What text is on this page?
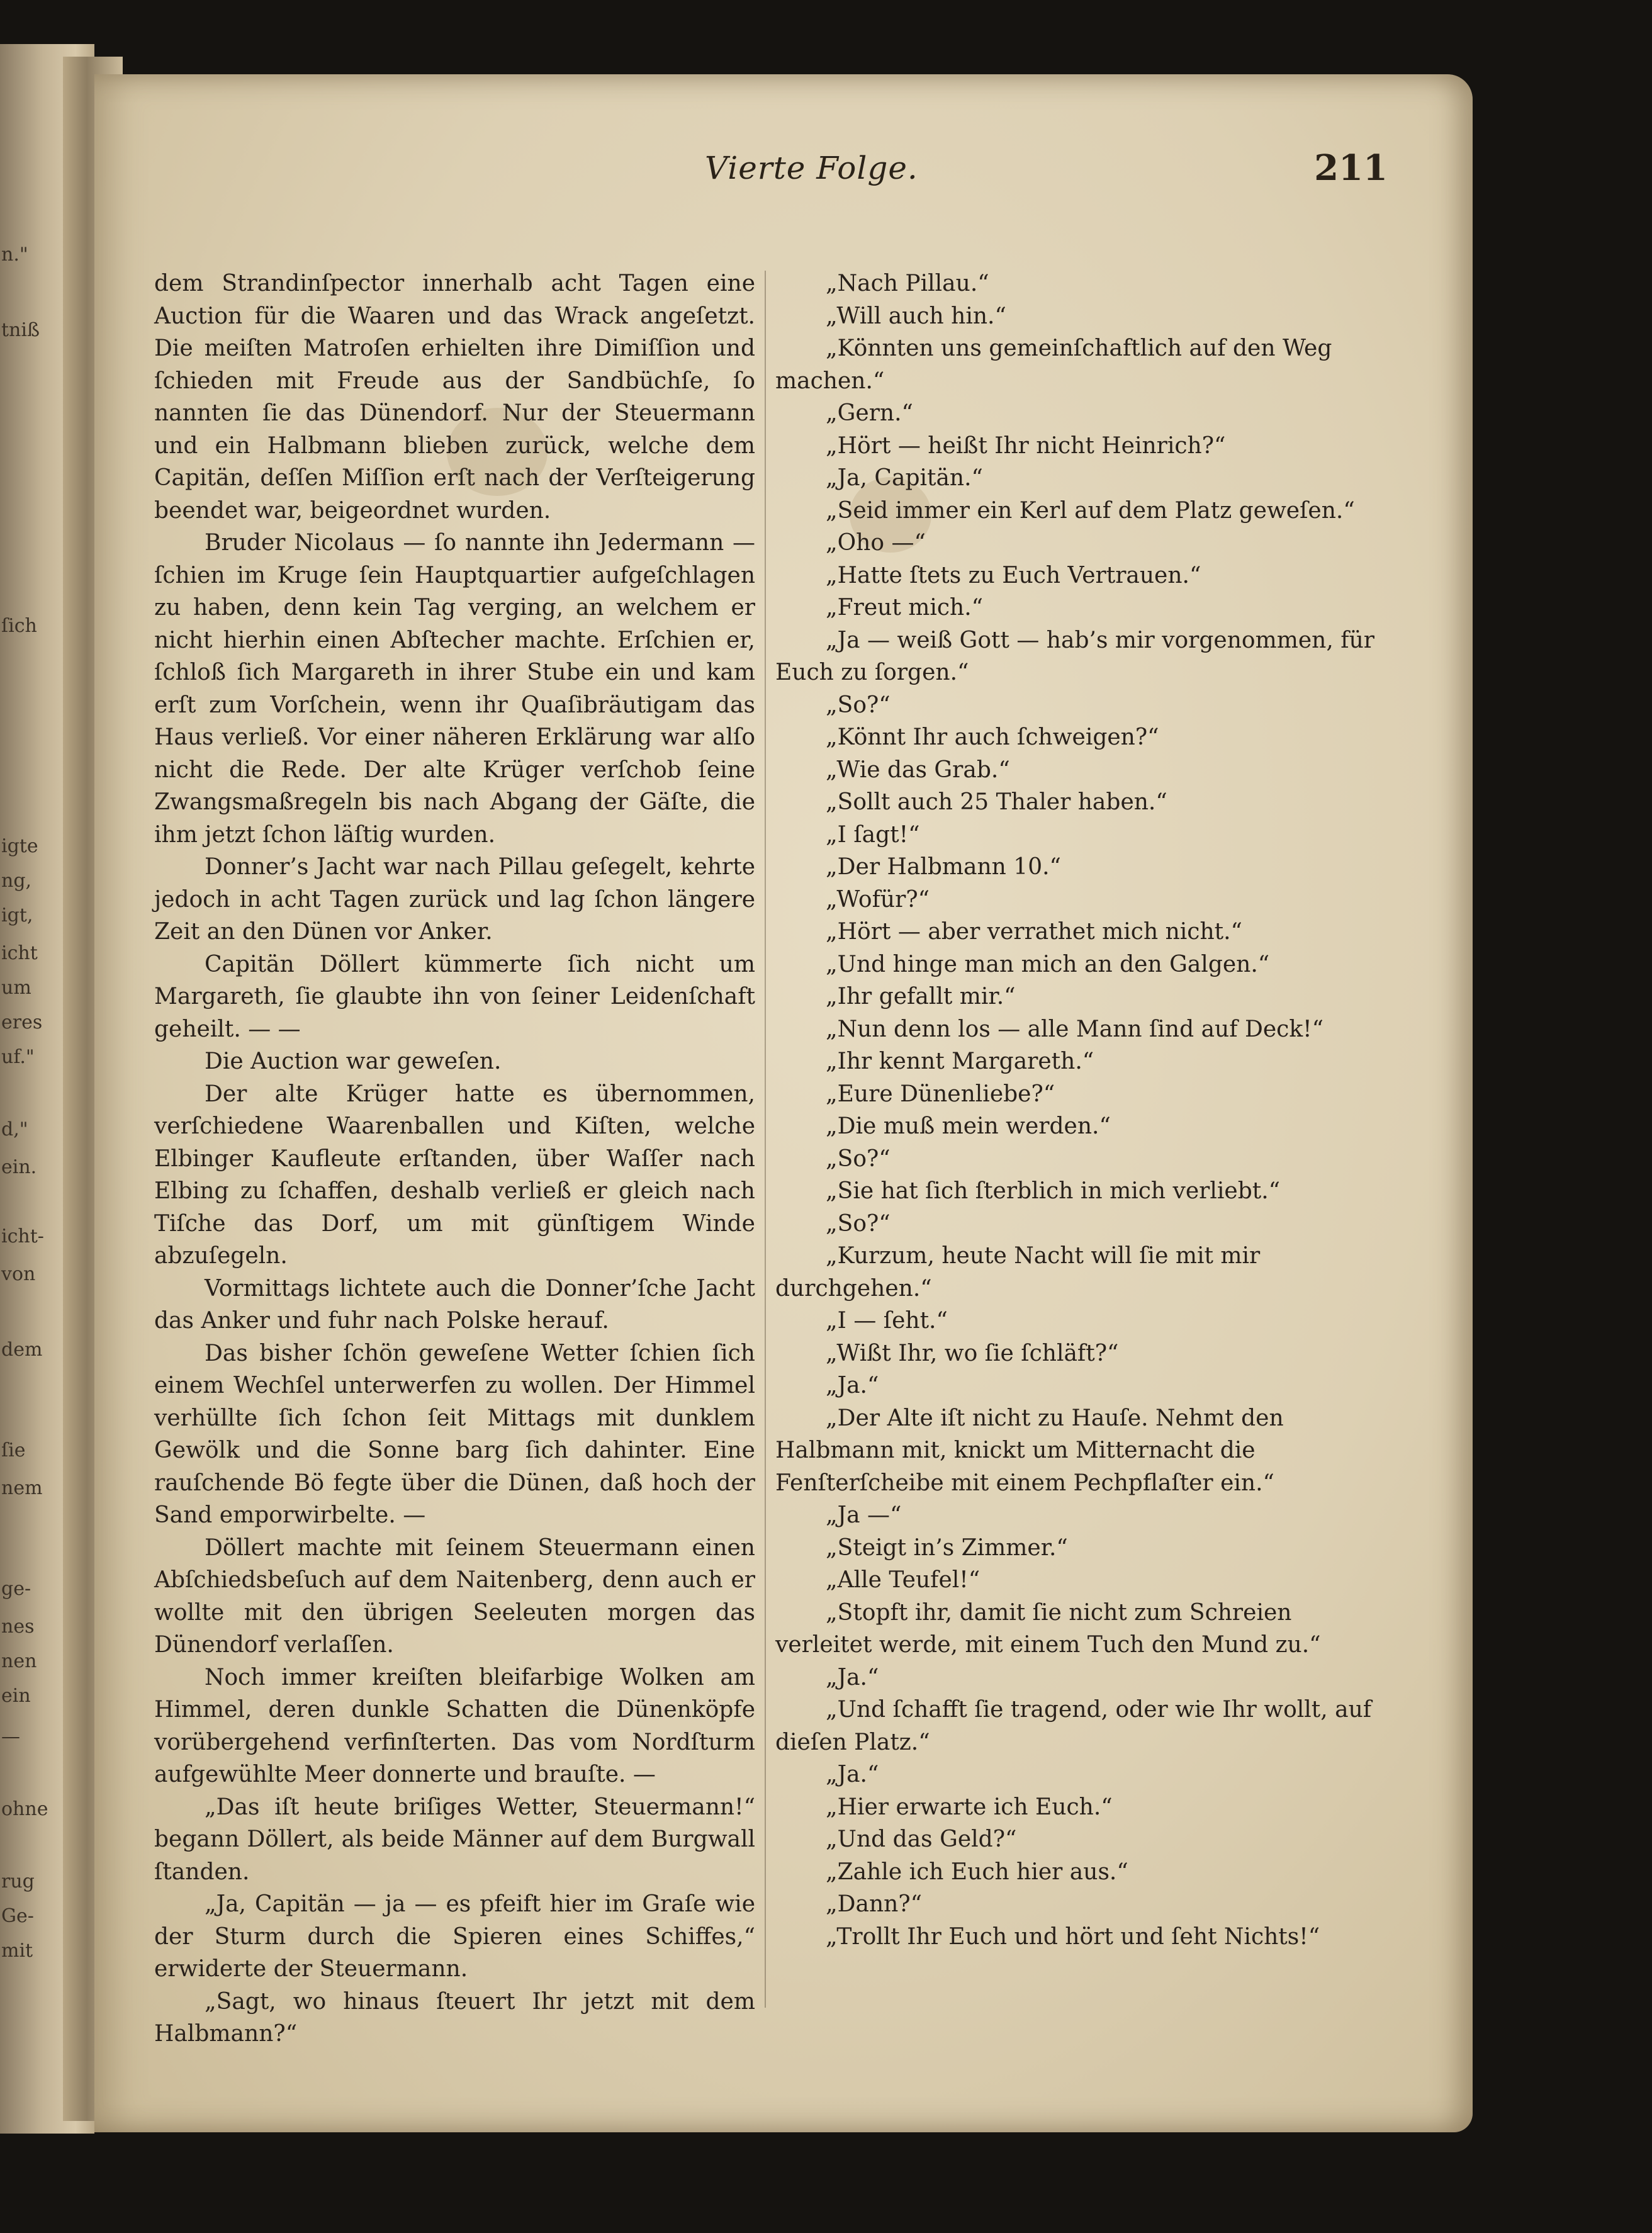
n."
tniß
ſich
igte
ng,
igt,
icht
um
eres
uf."
d,"
ein.
icht-
von
dem
ſie
nem
ge-
nes
nen
ein
—
ohne
rug
Ge-
mit
Vierte Folge.	211

dem Strandinſpector innerhalb acht Tagen eine Auction für die Waaren und das Wrack angeſetzt. Die meiſten Matroſen erhielten ihre Dimiſſion und ſchieden mit Freude aus der Sandbüchſe, ſo nannten ſie das Dünendorf. Nur der Steuermann und ein Halbmann blieben zurück, welche dem Capitän, deſſen Miſſion erſt nach der Verſteigerung beendet war, beigeordnet wurden.

Bruder Nicolaus — ſo nannte ihn Jedermann — ſchien im Kruge ſein Hauptquartier aufgeſchlagen zu haben, denn kein Tag verging, an welchem er nicht hierhin einen Abſtecher machte. Erſchien er, ſchloß ſich Margareth in ihrer Stube ein und kam erſt zum Vorſchein, wenn ihr Quaſibräutigam das Haus verließ. Vor einer näheren Erklärung war alſo nicht die Rede. Der alte Krüger verſchob ſeine Zwangsmaßregeln bis nach Abgang der Gäſte, die ihm jetzt ſchon läſtig wurden.

Donner’s Jacht war nach Pillau geſegelt, kehrte jedoch in acht Tagen zurück und lag ſchon längere Zeit an den Dünen vor Anker.

Capitän Döllert kümmerte ſich nicht um Margareth, ſie glaubte ihn von ſeiner Leidenſchaft geheilt. — —

Die Auction war geweſen.

Der alte Krüger hatte es übernommen, verſchiedene Waarenballen und Kiſten, welche Elbinger Kaufleute erſtanden, über Waſſer nach Elbing zu ſchaffen, deshalb verließ er gleich nach Tiſche das Dorf, um mit günſtigem Winde abzuſegeln.

Vormittags lichtete auch die Donner’ſche Jacht das Anker und fuhr nach Polske herauf.

Das bisher ſchön geweſene Wetter ſchien ſich einem Wechſel unterwerfen zu wollen. Der Himmel verhüllte ſich ſchon ſeit Mittags mit dunklem Gewölk und die Sonne barg ſich dahinter. Eine rauſchende Bö fegte über die Dünen, daß hoch der Sand emporwirbelte. —

Döllert machte mit ſeinem Steuermann einen Abſchiedsbeſuch auf dem Naitenberg, denn auch er wollte mit den übrigen Seeleuten morgen das Dünendorf verlaſſen.

Noch immer kreiſten bleifarbige Wolken am Himmel, deren dunkle Schatten die Dünenköpfe vorübergehend verfinſterten. Das vom Nordſturm aufgewühlte Meer donnerte und brauſte. —

„Das iſt heute briſiges Wetter, Steuermann!“ begann Döllert, als beide Männer auf dem Burgwall ſtanden.

„Ja, Capitän — ja — es pfeift hier im Graſe wie der Sturm durch die Spieren eines Schiffes,“ erwiderte der Steuermann.

„Sagt, wo hinaus ſteuert Ihr jetzt mit dem Halbmann?“

„Nach Pillau.“

„Will auch hin.“

„Könnten uns gemeinſchaftlich auf den Weg machen.“

„Gern.“

„Hört — heißt Ihr nicht Heinrich?“

„Ja, Capitän.“

„Seid immer ein Kerl auf dem Platz geweſen.“

„Oho —“

„Hatte ſtets zu Euch Vertrauen.“

„Freut mich.“

„Ja — weiß Gott — hab’s mir vorgenommen, für Euch zu ſorgen.“

„So?“

„Könnt Ihr auch ſchweigen?“

„Wie das Grab.“

„Sollt auch 25 Thaler haben.“

„I ſagt!“

„Der Halbmann 10.“

„Wofür?“

„Hört — aber verrathet mich nicht.“

„Und hinge man mich an den Galgen.“

„Ihr gefallt mir.“

„Nun denn los — alle Mann ſind auf Deck!“

„Ihr kennt Margareth.“

„Eure Dünenliebe?“

„Die muß mein werden.“

„So?“

„Sie hat ſich ſterblich in mich verliebt.“

„So?“

„Kurzum, heute Nacht will ſie mit mir durchgehen.“

„I — ſeht.“

„Wißt Ihr, wo ſie ſchläft?“

„Ja.“

„Der Alte iſt nicht zu Hauſe. Nehmt den Halbmann mit, knickt um Mitternacht die Fenſterſcheibe mit einem Pechpflaſter ein.“

„Ja —“

„Steigt in’s Zimmer.“

„Alle Teufel!“

„Stopft ihr, damit ſie nicht zum Schreien verleitet werde, mit einem Tuch den Mund zu.“

„Ja.“

„Und ſchafft ſie tragend, oder wie Ihr wollt, auf dieſen Platz.“

„Ja.“

„Hier erwarte ich Euch.“

„Und das Geld?“

„Zahle ich Euch hier aus.“

„Dann?“

„Trollt Ihr Euch und hört und ſeht Nichts!“
